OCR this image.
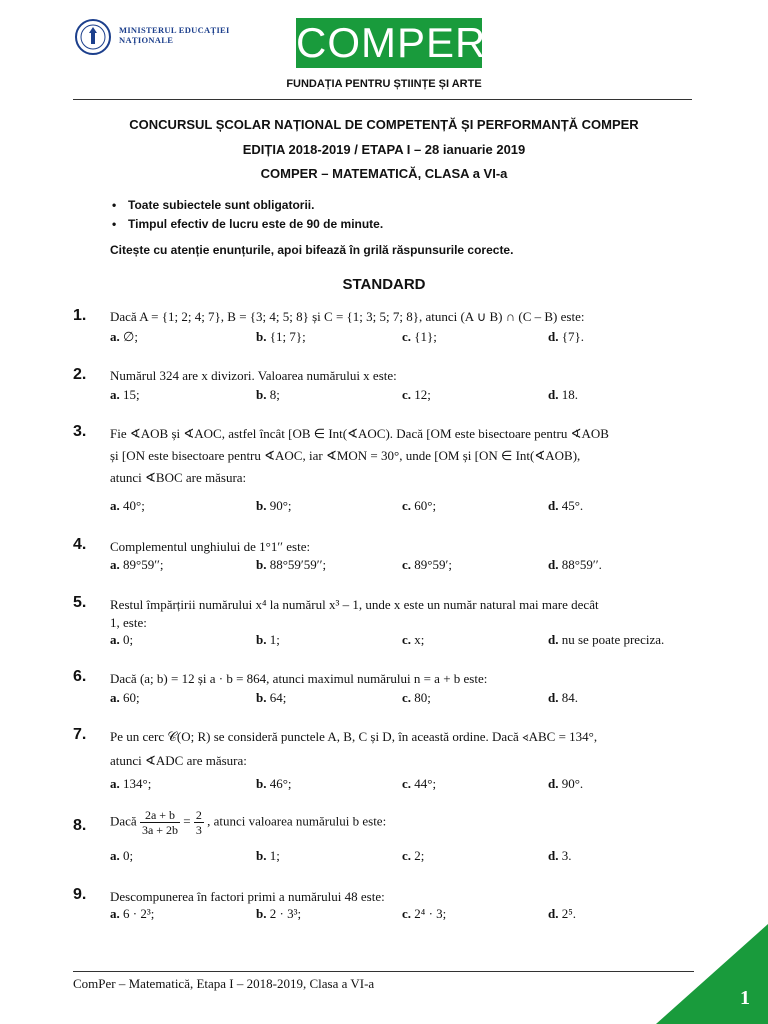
MINISTERUL EDUCAȚIEI
NAȚIONALE	COMPER
FUNDAȚIA PENTRU ȘTIINȚE ȘI ARTE
CONCURSUL ȘCOLAR NAȚIONAL DE COMPETENȚĂ ȘI PERFORMANȚĂ COMPER
EDIȚIA 2018-2019 / ETAPA I – 28 ianuarie 2019
COMPER – MATEMATICĂ, CLASA a VI-a
• Toate subiectele sunt obligatorii.
• Timpul efectiv de lucru este de 90 de minute.
Citește cu atenție enunțurile, apoi bifează în grilă răspunsurile corecte.
STANDARD
1. Dacă A = {1; 2; 4; 7}, B = {3; 4; 5; 8} și C = {1; 3; 5; 7; 8}, atunci (A ∪ B) ∩ (C – B) este:
a. ∅;	b. {1; 7};	c. {1};	d. {7}.
2. Numărul 324 are x divizori. Valoarea numărului x este:
a. 15;	b. 8;	c. 12;	d. 18.
3. Fie ∢AOB și ∢AOC, astfel încât [OB ∈ Int(∢AOC). Dacă [OM este bisectoare pentru ∢AOB
și [ON este bisectoare pentru ∢AOC, iar ∢MON = 30°, unde [OM și [ON ∈ Int(∢AOB),
atunci ∢BOC are măsura:
a. 40°;	b. 90°;	c. 60°;	d. 45°.
4. Complementul unghiului de 1°1′′ este:
a. 89°59′′;	b. 88°59′59′′;	c. 89°59′;	d. 88°59′′.
5. Restul împărțirii numărului x⁴ la numărul x³ – 1, unde x este un număr natural mai mare decât
1, este:
a. 0;	b. 1;	c. x;	d. nu se poate preciza.
6. Dacă (a; b) = 12 și a · b = 864, atunci maximul numărului n = a + b este:
a. 60;	b. 64;	c. 80;	d. 84.
7. Pe un cerc 𝒞(O; R) se consideră punctele A, B, C și D, în această ordine. Dacă ∢ABC = 134°,
atunci ∢ADC are măsura:
a. 134°;	b. 46°;	c. 44°;	d. 90°.
8. Dacă $\frac{2a + b}{3a + 2b} = \frac{2}{3}$ , atunci valoarea numărului b este:
a. 0;	b. 1;	c. 2;	d. 3.
9. Descompunerea în factori primi a numărului 48 este:
a. 6 · 2³;	b. 2 · 3³;	c. 2⁴ · 3;	d. 2⁵.
ComPer – Matematică, Etapa I – 2018-2019, Clasa a VI-a
1
